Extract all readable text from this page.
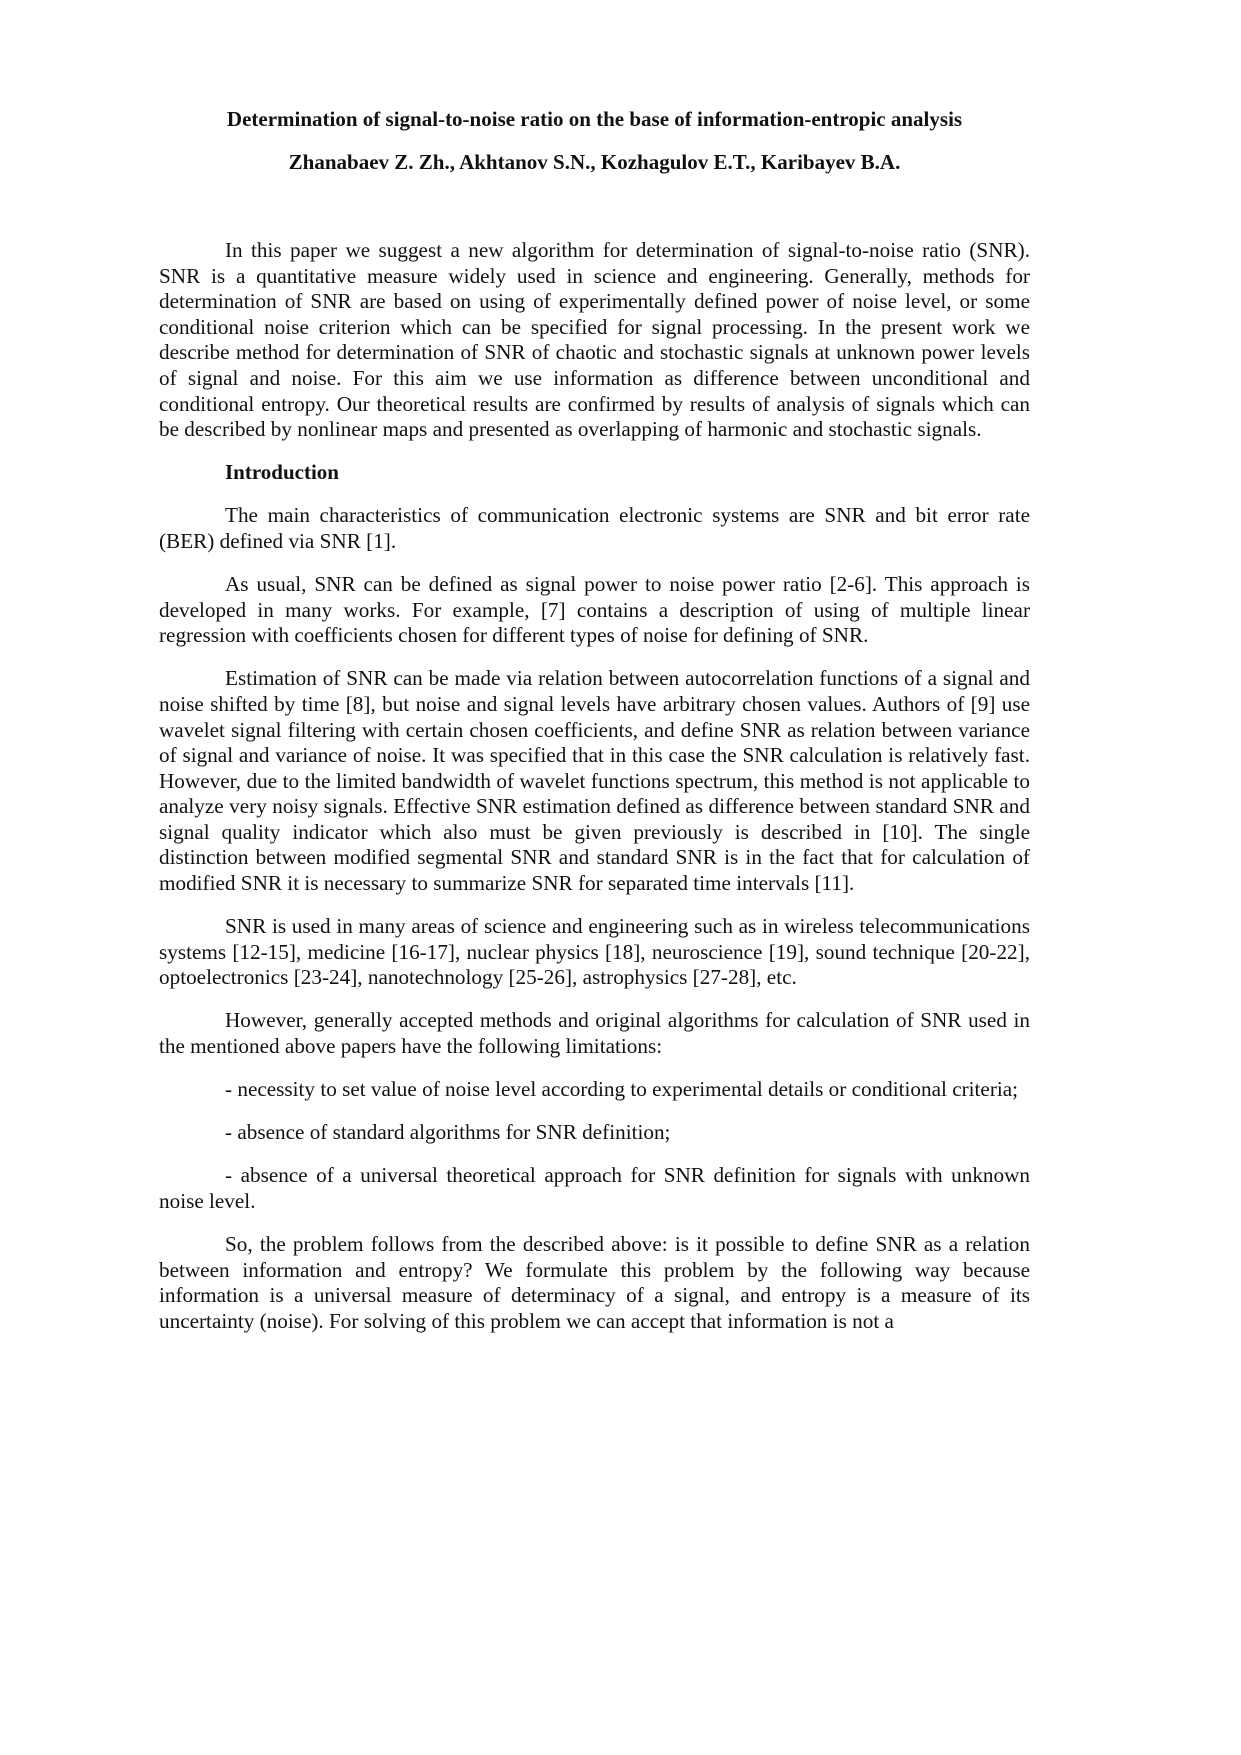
Determination of signal-to-noise ratio on the base of information-entropic analysis

Zhanabaev Z. Zh., Akhtanov S.N., Kozhagulov E.T., Karibayev B.A.

In this paper we suggest a new algorithm for determination of signal-to-noise ratio (SNR). SNR is a quantitative measure widely used in science and engineering. Generally, methods for determination of SNR are based on using of experimentally defined power of noise level, or some conditional noise criterion which can be specified for signal processing. In the present work we describe method for determination of SNR of chaotic and stochastic signals at unknown power levels of signal and noise. For this aim we use information as difference between unconditional and conditional entropy. Our theoretical results are confirmed by results of analysis of signals which can be described by nonlinear maps and presented as overlapping of harmonic and stochastic signals.

Introduction

The main characteristics of communication electronic systems are SNR and bit error rate (BER) defined via SNR [1].

As usual, SNR can be defined as signal power to noise power ratio [2-6]. This approach is developed in many works. For example, [7] contains a description of using of multiple linear regression with coefficients chosen for different types of noise for defining of SNR.

Estimation of SNR can be made via relation between autocorrelation functions of a signal and noise shifted by time [8], but noise and signal levels have arbitrary chosen values. Authors of [9] use wavelet signal filtering with certain chosen coefficients, and define SNR as relation between variance of signal and variance of noise. It was specified that in this case the SNR calculation is relatively fast. However, due to the limited bandwidth of wavelet functions spectrum, this method is not applicable to analyze very noisy signals. Effective SNR estimation defined as difference between standard SNR and signal quality indicator which also must be given previously is described in [10]. The single distinction between modified segmental SNR and standard SNR is in the fact that for calculation of modified SNR it is necessary to summarize SNR for separated time intervals [11].

SNR is used in many areas of science and engineering such as in wireless telecommunications systems [12-15], medicine [16-17], nuclear physics [18], neuroscience [19], sound technique [20-22], optoelectronics [23-24], nanotechnology [25-26], astrophysics [27-28], etc.

However, generally accepted methods and original algorithms for calculation of SNR used in the mentioned above papers have the following limitations:

- necessity to set value of noise level according to experimental details or conditional criteria;

- absence of standard algorithms for SNR definition;

- absence of a universal theoretical approach for SNR definition for signals with unknown noise level.

So, the problem follows from the described above: is it possible to define SNR as a relation between information and entropy? We formulate this problem by the following way because information is a universal measure of determinacy of a signal, and entropy is a measure of its uncertainty (noise). For solving of this problem we can accept that information is not a
